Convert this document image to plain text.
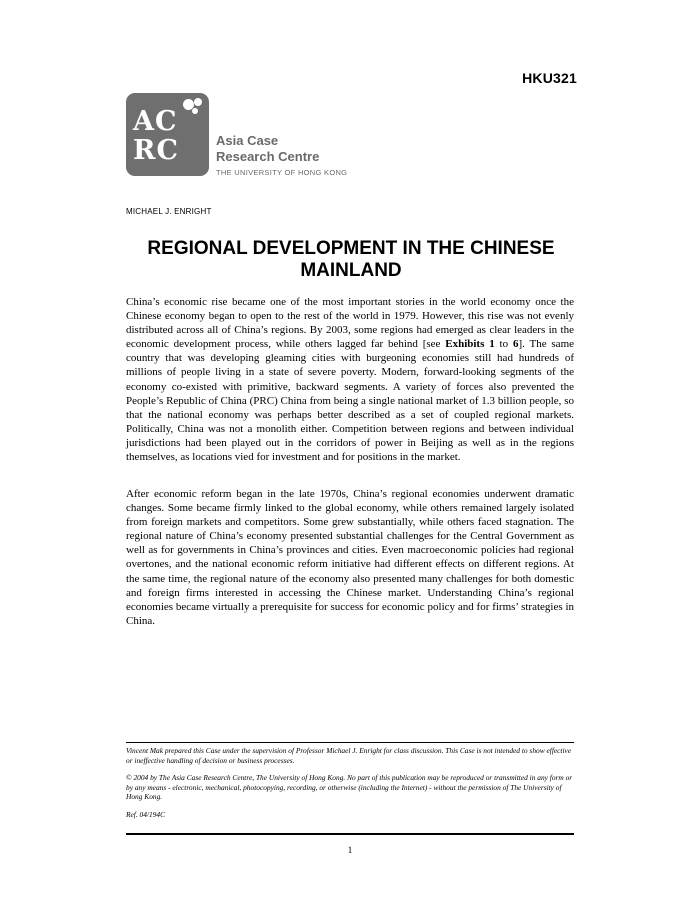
HKU321
AC
RC	Asia Case
Research Centre
THE UNIVERSITY OF HONG KONG
MICHAEL J. ENRIGHT
REGIONAL DEVELOPMENT IN THE CHINESE
MAINLAND
China’s economic rise became one of the most important stories in the world economy once the Chinese economy began to open to the rest of the world in 1979. However, this rise was not evenly distributed across all of China’s regions. By 2003, some regions had emerged as clear leaders in the economic development process, while others lagged far behind [see Exhibits 1 to 6]. The same country that was developing gleaming cities with burgeoning economies still had hundreds of millions of people living in a state of severe poverty. Modern, forward-looking segments of the economy co-existed with primitive, backward segments. A variety of forces also prevented the People’s Republic of China (PRC) China from being a single national market of 1.3 billion people, so that the national economy was perhaps better described as a set of coupled regional markets. Politically, China was not a monolith either. Competition between regions and between individual jurisdictions had been played out in the corridors of power in Beijing as well as in the regions themselves, as locations vied for investment and for positions in the market.
After economic reform began in the late 1970s, China’s regional economies underwent dramatic changes. Some became firmly linked to the global economy, while others remained largely isolated from foreign markets and competitors. Some grew substantially, while others faced stagnation. The regional nature of China’s economy presented substantial challenges for the Central Government as well as for governments in China’s provinces and cities. Even macroeconomic policies had regional overtones, and the national economic reform initiative had different effects on different regions. At the same time, the regional nature of the economy also presented many challenges for both domestic and foreign firms interested in accessing the Chinese market. Understanding China’s regional economies became virtually a prerequisite for success for economic policy and for firms’ strategies in China.
Vincent Mak prepared this Case under the supervision of Professor Michael J. Enright for class discussion. This Case is not intended to show effective or ineffective handling of decision or business processes.
© 2004 by The Asia Case Research Centre, The University of Hong Kong. No part of this publication may be reproduced or transmitted in any form or by any means - electronic, mechanical, photocopying, recording, or otherwise (including the Internet) - without the permission of The University of Hong Kong.
Ref. 04/194C
1
